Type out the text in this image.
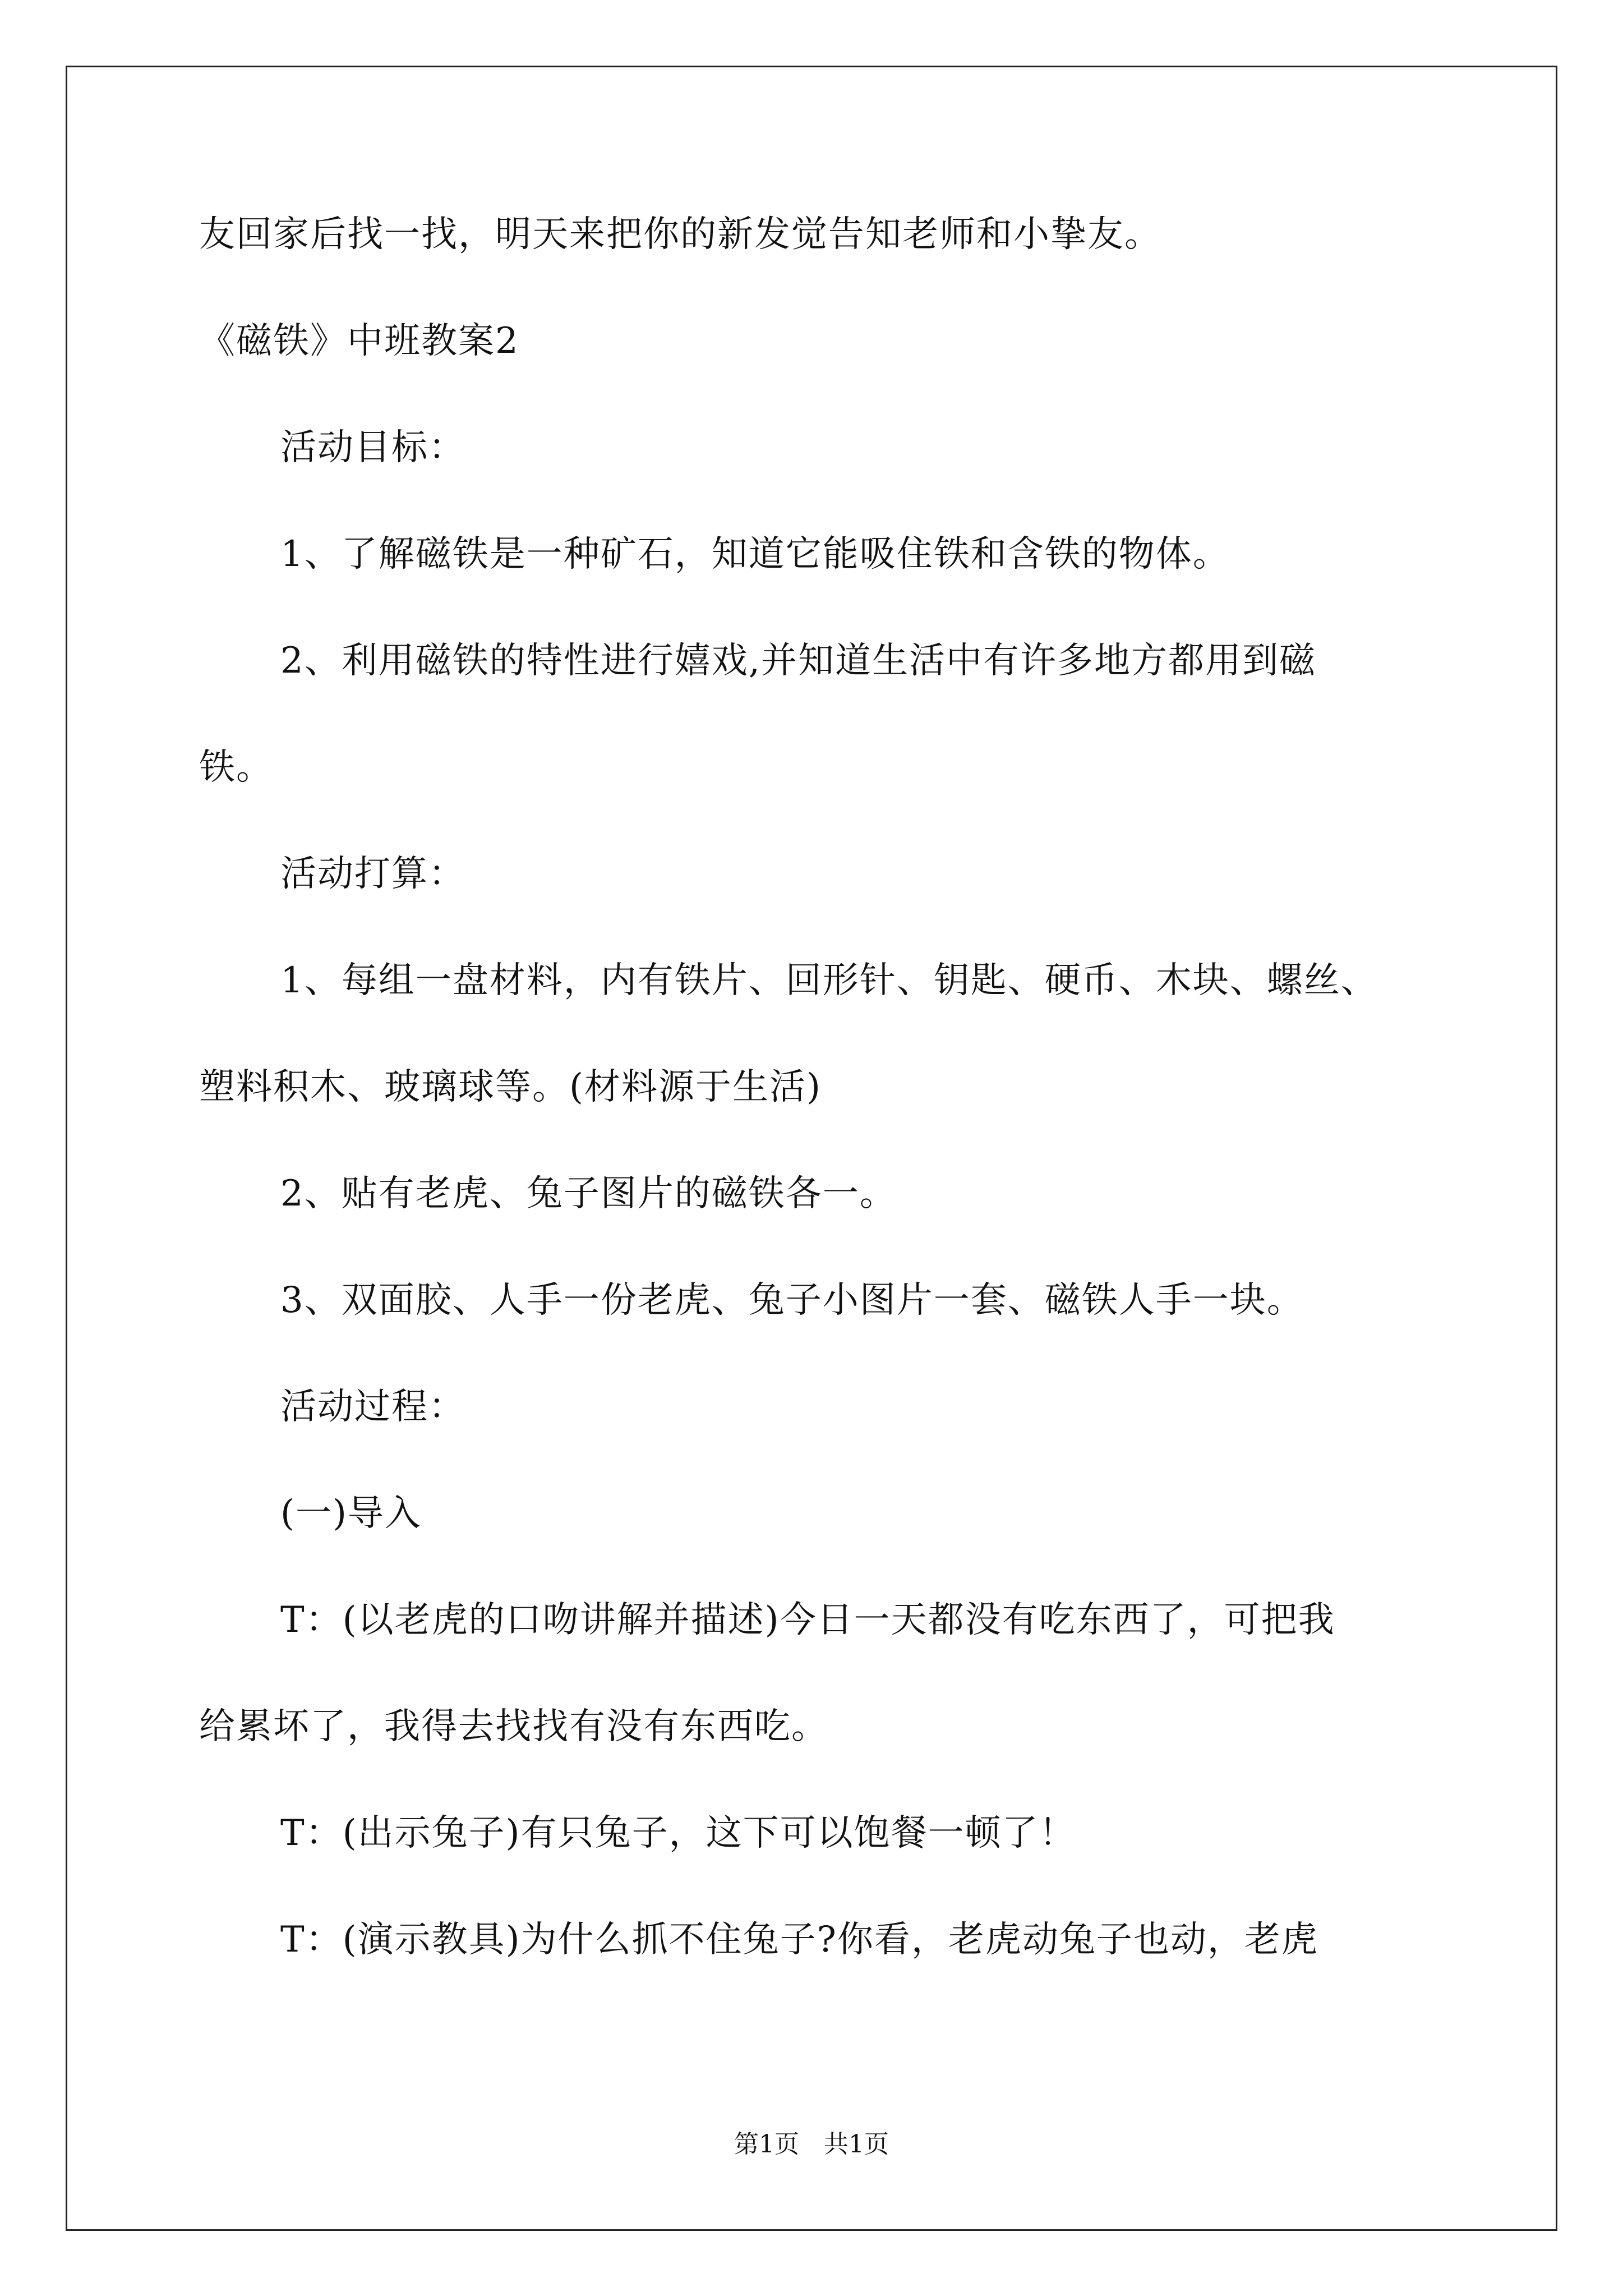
友回家后找一找，明天来把你的新发觉告知老师和小挚友。
《磁铁》中班教案2
活动目标：
1、了解磁铁是一种矿石，知道它能吸住铁和含铁的物体。
2、利用磁铁的特性进行嬉戏,并知道生活中有许多地方都用到磁
铁。
活动打算：
1、每组一盘材料，内有铁片、回形针、钥匙、硬币、木块、螺丝、
塑料积木、玻璃球等。(材料源于生活)
2、贴有老虎、兔子图片的磁铁各一。
3、双面胶、人手一份老虎、兔子小图片一套、磁铁人手一块。
活动过程：
(一)导入
T：(以老虎的口吻讲解并描述)今日一天都没有吃东西了，可把我
给累坏了，我得去找找有没有东西吃。
T：(出示兔子)有只兔子，这下可以饱餐一顿了！
T：(演示教具)为什么抓不住兔子?你看，老虎动兔子也动，老虎
第1页 共1页
